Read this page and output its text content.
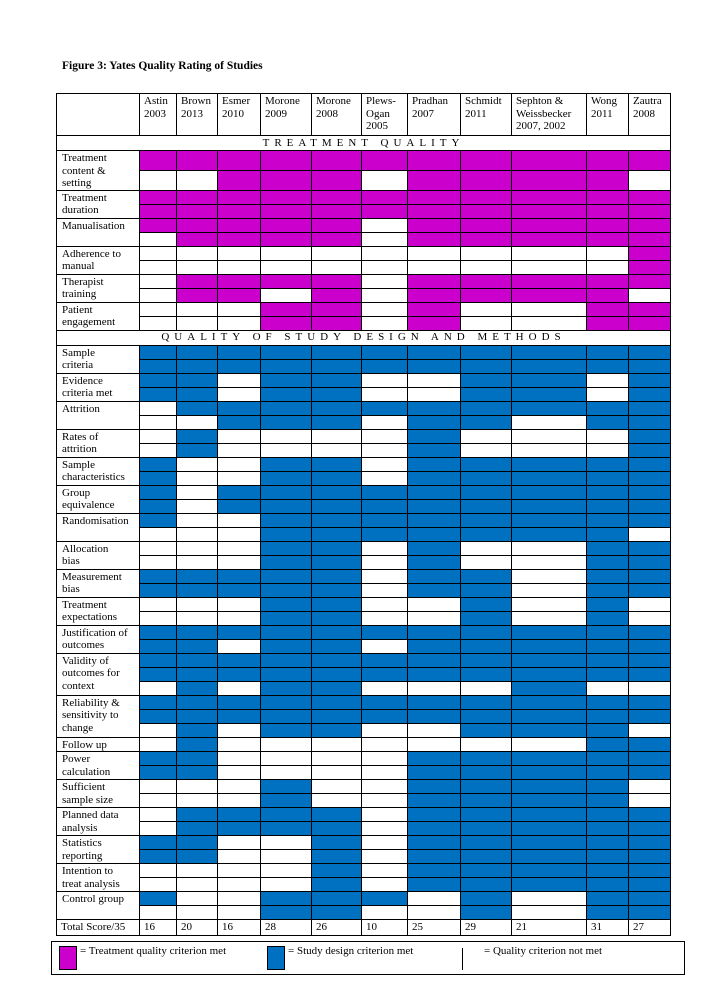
Figure 3: Yates Quality Rating of Studies
	Astin
2003	Brown
2013	Esmer
2010	Morone
2009	Morone
2008	Plews-
Ogan
2005	Pradhan
2007	Schmidt
2011	Sephton &
Weissbecker
2007, 2002	Wong
2011	Zautra
2008
TREATMENT QUALITY											
Treatment
content &
setting											

Treatment
duration											

Manualisation											

Adherence to
manual											

Therapist
training											

Patient
engagement											

QUALITY OF STUDY DESIGN AND METHODS											
Sample
criteria											

Evidence
criteria met											

Attrition											

Rates of
attrition											

Sample
characteristics											

Group
equivalence											

Randomisation											

Allocation
bias											

Measurement
bias											

Treatment
expectations											

Justification of
outcomes											

Validity of
outcomes for
context											

Reliability &
sensitivity to
change											

Follow up											
Power
calculation											

Sufficient
sample size											

Planned data
analysis											

Statistics
reporting											

Intention to
treat analysis											

Control group											

Total Score/35	16	20	16	28	26	10	25	29	21	31	27
= Treatment quality criterion met	= Study design criterion met	= Quality criterion not met
